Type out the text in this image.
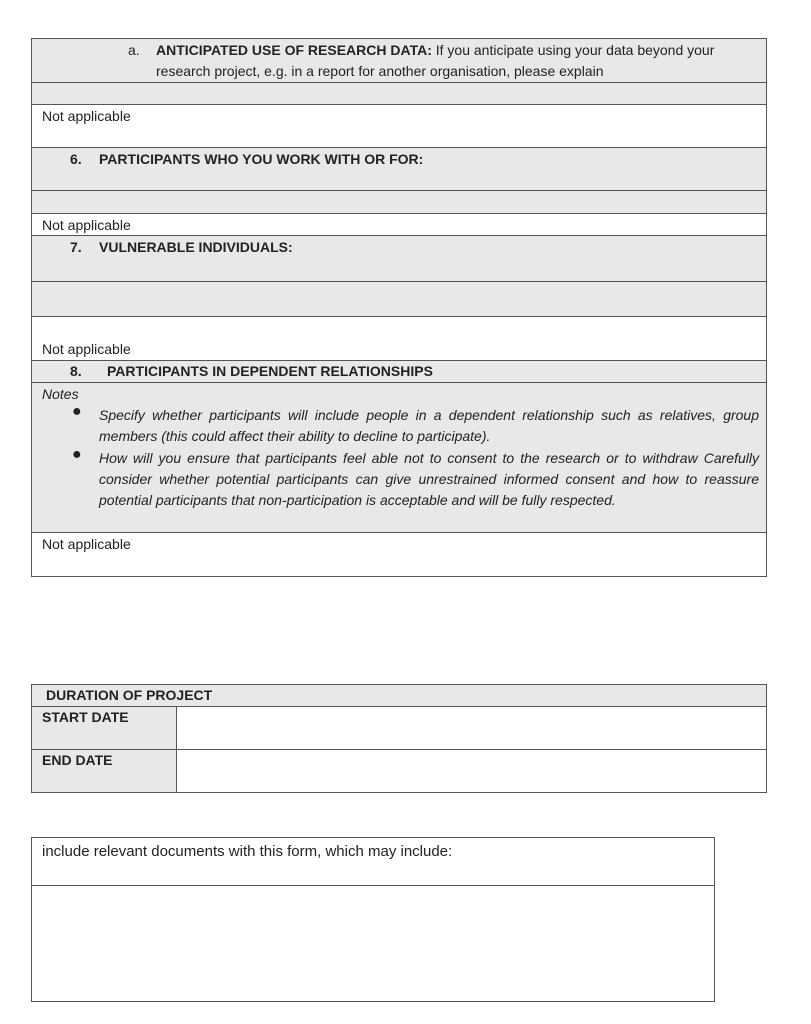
a. ANTICIPATED USE OF RESEARCH DATA: If you anticipate using your data beyond your
research project, e.g. in a report for another organisation, please explain
Not applicable
6. PARTICIPANTS WHO YOU WORK WITH OR FOR:
Not applicable
7. VULNERABLE INDIVIDUALS:
Not applicable
8. PARTICIPANTS IN DEPENDENT RELATIONSHIPS
Notes
● Specify whether participants will include people in a dependent relationship such as relatives, group members (this could affect their ability to decline to participate).
● How will you ensure that participants feel able not to consent to the research or to withdraw Carefully consider whether potential participants can give unrestrained informed consent and how to reassure potential participants that non-participation is acceptable and will be fully respected.
Not applicable
DURATION OF PROJECT
START DATE
END DATE
include relevant documents with this form, which may include:
